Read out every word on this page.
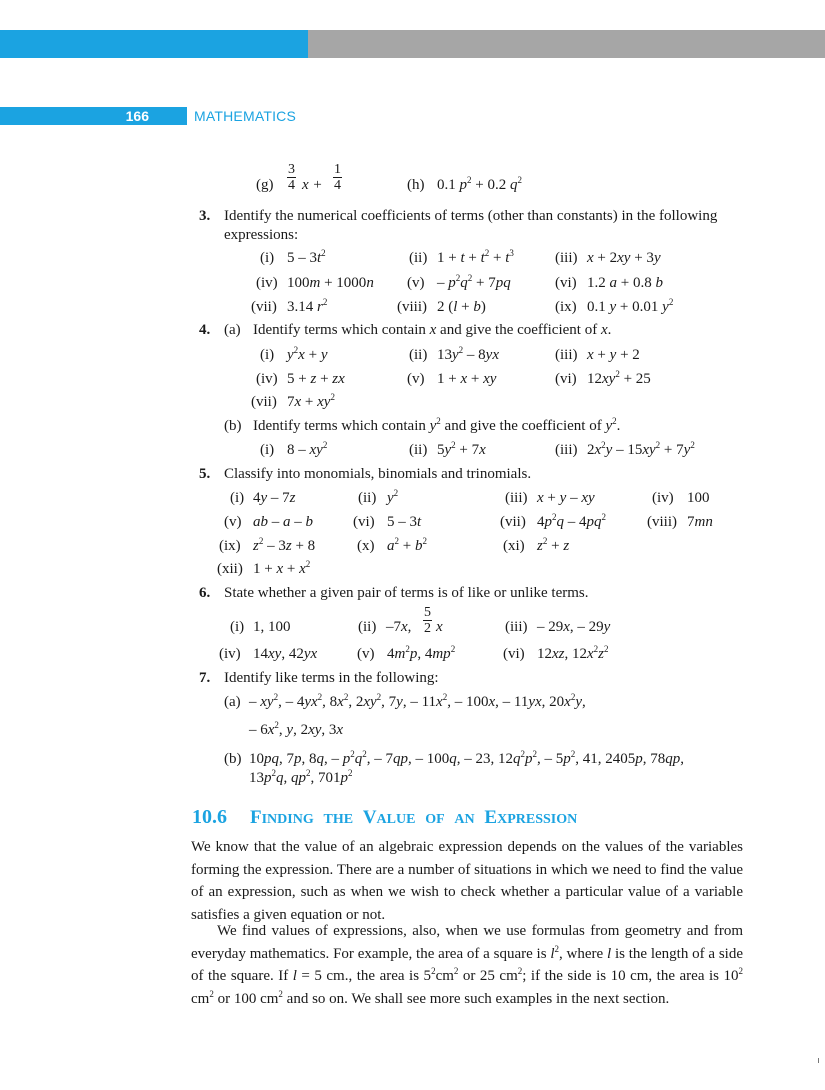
166	MATHEMATICS
$(g) \frac{3}{4}$ $x + \frac{1}{4}$	(h) 0.1 $p^2 + 0.2$ $q^2$
3. Identify the numerical coefficients of terms (other than constants) in the following
expressions:
(i) $5 - 3t^2$	(ii) $1 + t + t^2 + t^3$	(iii) x + 2xy + 3y
(iv) 100m + 1000n $(v) - p^2q^2 + 7pq$	(vi) 1.2 a + 0.8 b
(vii) 3.14 $r^2$	(viii) 2 (l + b)	(ix) 0.1 y + 0.01 $y^2$
4. (a) Identify terms which contain x and give the coefficient of x.
(i) $y^2x + y$	(ii) $13y^2 - 8yx$	(iii) x + y + 2
(iv) 5 + z + zx	(v) 1 + x + xy	(vi) $12xy^2 + 25$
(vii) $7x + xy^2$
(b) Identify terms which contain $y^2$ and give the coefficient of $y^2$.
(i) $8 - xy^2$	(ii) $5y^2 + 7x$	(iii) $2x^2y - 15xy^2 + 7y^2$
5. Classify into monomials, binomials and trinomials.
(i) 4y – 7z	(ii) $y^2$	(iii) x + y – xy	(iv) 100
(v) ab – a – b	(vi) 5 – 3t	(vii) $4p^2q - 4pq^2$	(viii) 7mn
(ix) $z^2 - 3z + 8$	(x) $a^2 + b^2$	(xi) $z^2 + z$
(xii) $1 + x + x^2$
6. State whether a given pair of terms is of like or unlike terms.
(i) 1, 100	(ii) –7x, $\frac{5}{2}$ x	(iii) – 29x, – 29y
(iv) 14xy, 42yx	(v) $4m^2p$, $4mp^2$	(vi) 12xz, $12x^2z^2$
7. Identify like terms in the following:
$(a) - xy^2$, – $4yx^2$, $8x^2$, $2xy^2$, 7y, – $11x^2$, – 100x, – 11yx, $20x^2y$,
– $6x^2$, y, 2xy, 3x
(b) 10pq, 7p, 8q, – $p^2q^2$, – 7qp, – 100q, – 23, $12q^2p^2$, – $5p^2$, 41, 2405p, 78qp,
$13p^2q$, $qp^2$, $701p^2$
10.6 FINDING THE VALUE OF AN EXPRESSION
We know that the value of an algebraic expression depends on the values of the variables forming the expression. There are a number of situations in which we need to find the value of an expression, such as when we wish to check whether a particular value of a variable satisfies a given equation or not.
We find values of expressions, also, when we use formulas from geometry and from everyday mathematics. For example, the area of a square is $l^2$, where l is the length of a side of the square. If l = 5 cm., the area is $5^2cm^2$ or 25 $cm^2$; if the side is 10 cm, the area is $10^2$ $cm^2$ or 100 $cm^2$ and so on. We shall see more such examples in the next section.
